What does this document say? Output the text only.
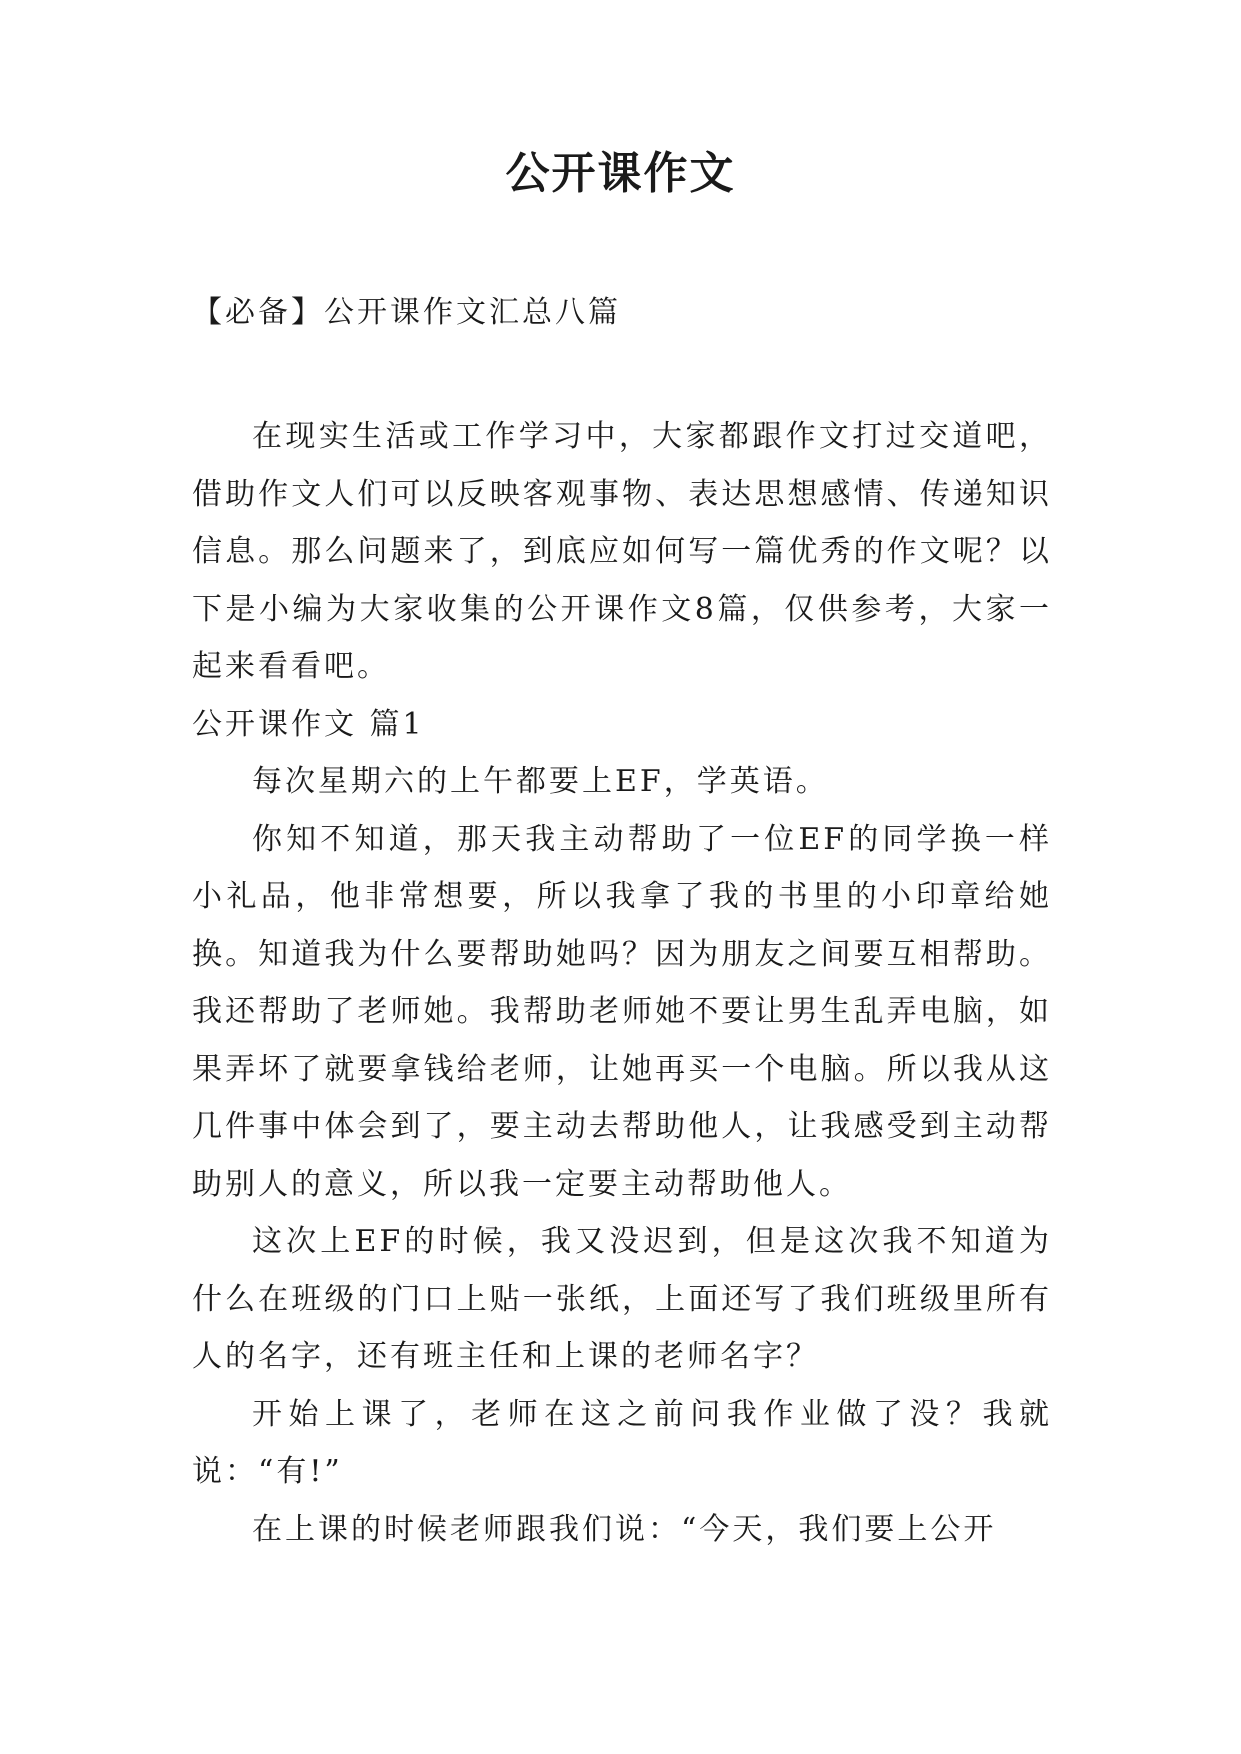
公开课作文
【必备】公开课作文汇总八篇

在现实生活或工作学习中，大家都跟作文打过交道吧，借助作文人们可以反映客观事物、表达思想感情、传递知识信息。那么问题来了，到底应如何写一篇优秀的作文呢？以下是小编为大家收集的公开课作文8篇，仅供参考，大家一起来看看吧。

公开课作文 篇1

每次星期六的上午都要上EF，学英语。

你知不知道，那天我主动帮助了一位EF的同学换一样小礼品，他非常想要，所以我拿了我的书里的小印章给她换。知道我为什么要帮助她吗？因为朋友之间要互相帮助。我还帮助了老师她。我帮助老师她不要让男生乱弄电脑，如果弄坏了就要拿钱给老师，让她再买一个电脑。所以我从这几件事中体会到了，要主动去帮助他人，让我感受到主动帮助别人的意义，所以我一定要主动帮助他人。

这次上EF的时候，我又没迟到，但是这次我不知道为什么在班级的门口上贴一张纸，上面还写了我们班级里所有人的名字，还有班主任和上课的老师名字？

开始上课了，老师在这之前问我作业做了没？我就说：“有!”

在上课的时候老师跟我们说：“今天，我们要上公开
